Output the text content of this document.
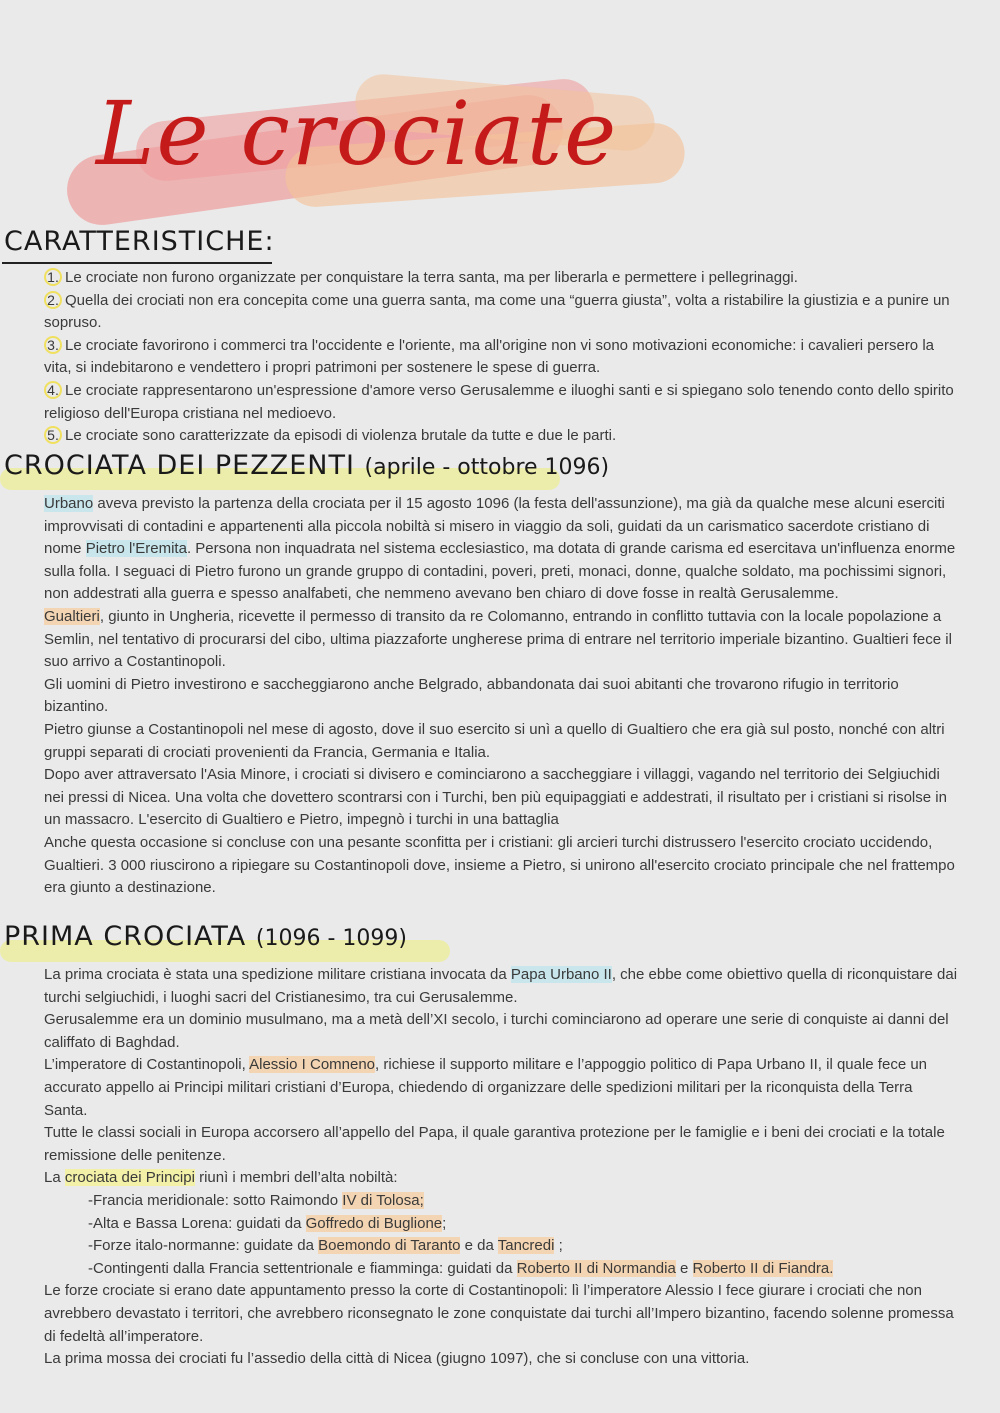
Le crociate
CARATTERISTICHE:

1. Le crociate non furono organizzate per conquistare la terra santa, ma per liberarla e permettere i pellegrinaggi.

2. Quella dei crociati non era concepita come una guerra santa, ma come una “guerra giusta”, volta a ristabilire la giustizia e a punire un sopruso.

3. Le crociate favorirono i commerci tra l'occidente e l'oriente, ma all'origine non vi sono motivazioni economiche: i cavalieri persero la vita, si indebitarono e vendettero i propri patrimoni per sostenere le spese di guerra.

4. Le crociate rappresentarono un'espressione d'amore verso Gerusalemme e iluoghi santi e si spiegano solo tenendo conto dello spirito religioso dell'Europa cristiana nel medioevo.

5. Le crociate sono caratterizzate da episodi di violenza brutale da tutte e due le parti.

CROCIATA DEI PEZZENTI (aprile - ottobre 1096)

Urbano aveva previsto la partenza della crociata per il 15 agosto 1096 (la festa dell'assunzione), ma già da qualche mese alcuni eserciti improvvisati di contadini e appartenenti alla piccola nobiltà si misero in viaggio da soli, guidati da un carismatico sacerdote cristiano di nome Pietro l'Eremita. Persona non inquadrata nel sistema ecclesiastico, ma dotata di grande carisma ed esercitava un'influenza enorme sulla folla. I seguaci di Pietro furono un grande gruppo di contadini, poveri, preti, monaci, donne, qualche soldato, ma pochissimi signori, non addestrati alla guerra e spesso analfabeti, che nemmeno avevano ben chiaro di dove fosse in realtà Gerusalemme.

Gualtieri, giunto in Ungheria, ricevette il permesso di transito da re Colomanno, entrando in conflitto tuttavia con la locale popolazione a Semlin, nel tentativo di procurarsi del cibo, ultima piazzaforte ungherese prima di entrare nel territorio imperiale bizantino. Gualtieri fece il suo arrivo a Costantinopoli.

Gli uomini di Pietro investirono e saccheggiarono anche Belgrado, abbandonata dai suoi abitanti che trovarono rifugio in territorio bizantino.

Pietro giunse a Costantinopoli nel mese di agosto, dove il suo esercito si unì a quello di Gualtiero che era già sul posto, nonché con altri gruppi separati di crociati provenienti da Francia, Germania e Italia.

Dopo aver attraversato l'Asia Minore, i crociati si divisero e cominciarono a saccheggiare i villaggi, vagando nel territorio dei Selgiuchidi nei pressi di Nicea. Una volta che dovettero scontrarsi con i Turchi, ben più equipaggiati e addestrati, il risultato per i cristiani si risolse in un massacro. L'esercito di Gualtiero e Pietro, impegnò i turchi in una battaglia

Anche questa occasione si concluse con una pesante sconfitta per i cristiani: gli arcieri turchi distrussero l'esercito crociato uccidendo, Gualtieri. 3 000 riuscirono a ripiegare su Costantinopoli dove, insieme a Pietro, si unirono all'esercito crociato principale che nel frattempo era giunto a destinazione.

PRIMA CROCIATA (1096 - 1099)

La prima crociata è stata una spedizione militare cristiana invocata da Papa Urbano II, che ebbe come obiettivo quella di riconquistare dai turchi selgiuchidi, i luoghi sacri del Cristianesimo, tra cui Gerusalemme.

Gerusalemme era un dominio musulmano, ma a metà dell’XI secolo, i turchi cominciarono ad operare une serie di conquiste ai danni del califfato di Baghdad.

L’imperatore di Costantinopoli, Alessio I Comneno, richiese il supporto militare e l’appoggio politico di Papa Urbano II, il quale fece un accurato appello ai Principi militari cristiani d’Europa, chiedendo di organizzare delle spedizioni militari per la riconquista della Terra Santa.

Tutte le classi sociali in Europa accorsero all’appello del Papa, il quale garantiva protezione per le famiglie e i beni dei crociati e la totale remissione delle penitenze.

La crociata dei Principi riunì i membri dell’alta nobiltà:

-Francia meridionale: sotto Raimondo IV di Tolosa;

-Alta e Bassa Lorena: guidati da Goffredo di Buglione;

-Forze italo-normanne: guidate da Boemondo di Taranto e da Tancredi ;

-Contingenti dalla Francia settentrionale e fiamminga: guidati da Roberto II di Normandia e Roberto II di Fiandra.

Le forze crociate si erano date appuntamento presso la corte di Costantinopoli: lì l’imperatore Alessio I fece giurare i crociati che non avrebbero devastato i territori, che avrebbero riconsegnato le zone conquistate dai turchi all’Impero bizantino, facendo solenne promessa di fedeltà all’imperatore.

La prima mossa dei crociati fu l’assedio della città di Nicea (giugno 1097), che si concluse con una vittoria.
